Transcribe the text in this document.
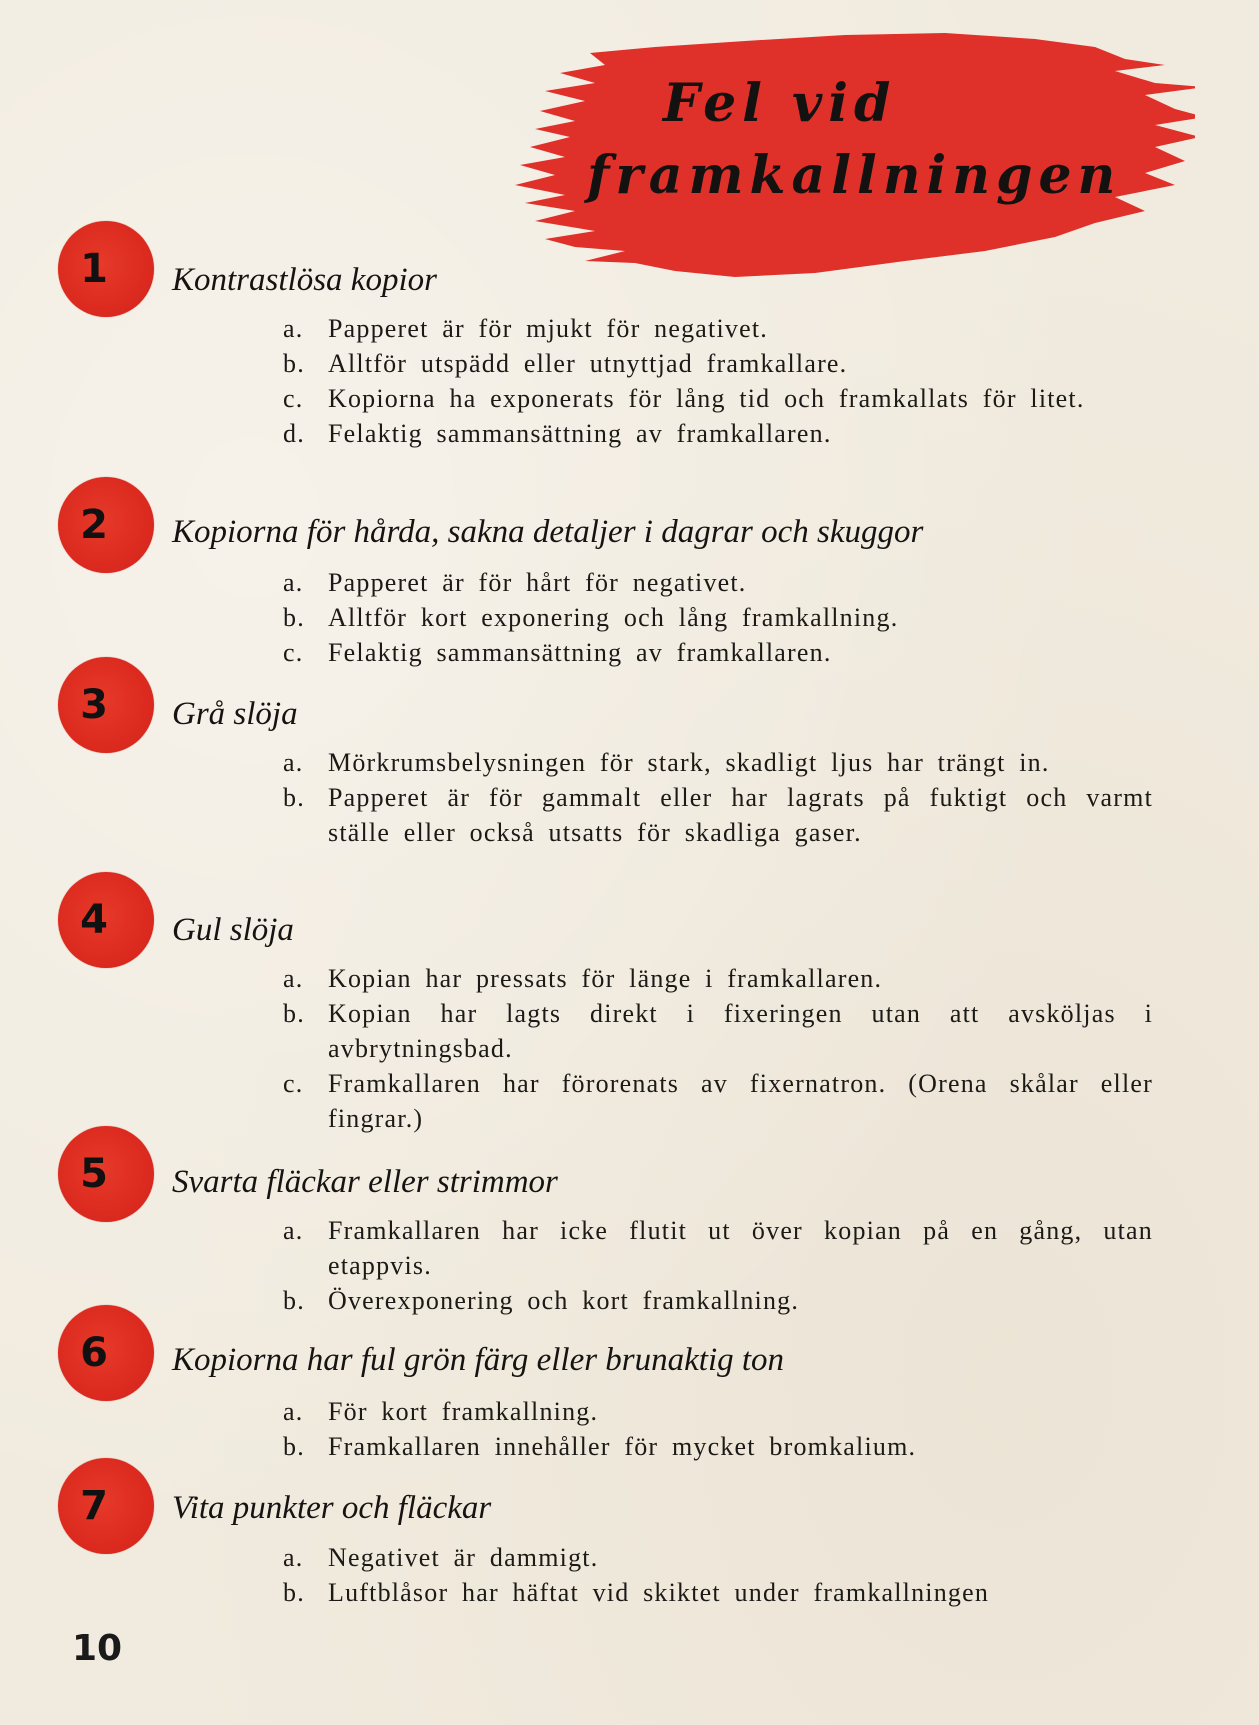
Fel vid
framkallningen
1	Kontrastlösa kopior
a. Papperet är för mjukt för negativet.
b. Alltför utspädd eller utnyttjad framkallare.
c. Kopiorna ha exponerats för lång tid och framkallats för litet.
d. Felaktig sammansättning av framkallaren.
2	Kopiorna för hårda, sakna detaljer i dagrar och skuggor
a. Papperet är för hårt för negativet.
b. Alltför kort exponering och lång framkallning.
c. Felaktig sammansättning av framkallaren.
3	Grå slöja
a. Mörkrumsbelysningen för stark, skadligt ljus har trängt in.
b. Papperet är för gammalt eller har lagrats på fuktigt och varmt ställe eller också utsatts för skadliga gaser.
4	Gul slöja
a. Kopian har pressats för länge i framkallaren.
b. Kopian har lagts direkt i fixeringen utan att avsköljas i avbrytningsbad.
c. Framkallaren har förorenats av fixernatron. (Orena skålar eller fingrar.)
5	Svarta fläckar eller strimmor
a. Framkallaren har icke flutit ut över kopian på en gång, utan etappvis.
b. Överexponering och kort framkallning.
6	Kopiorna har ful grön färg eller brunaktig ton
a. För kort framkallning.
b. Framkallaren innehåller för mycket bromkalium.
7	Vita punkter och fläckar
a. Negativet är dammigt.
b. Luftblåsor har häftat vid skiktet under framkallningen
10
